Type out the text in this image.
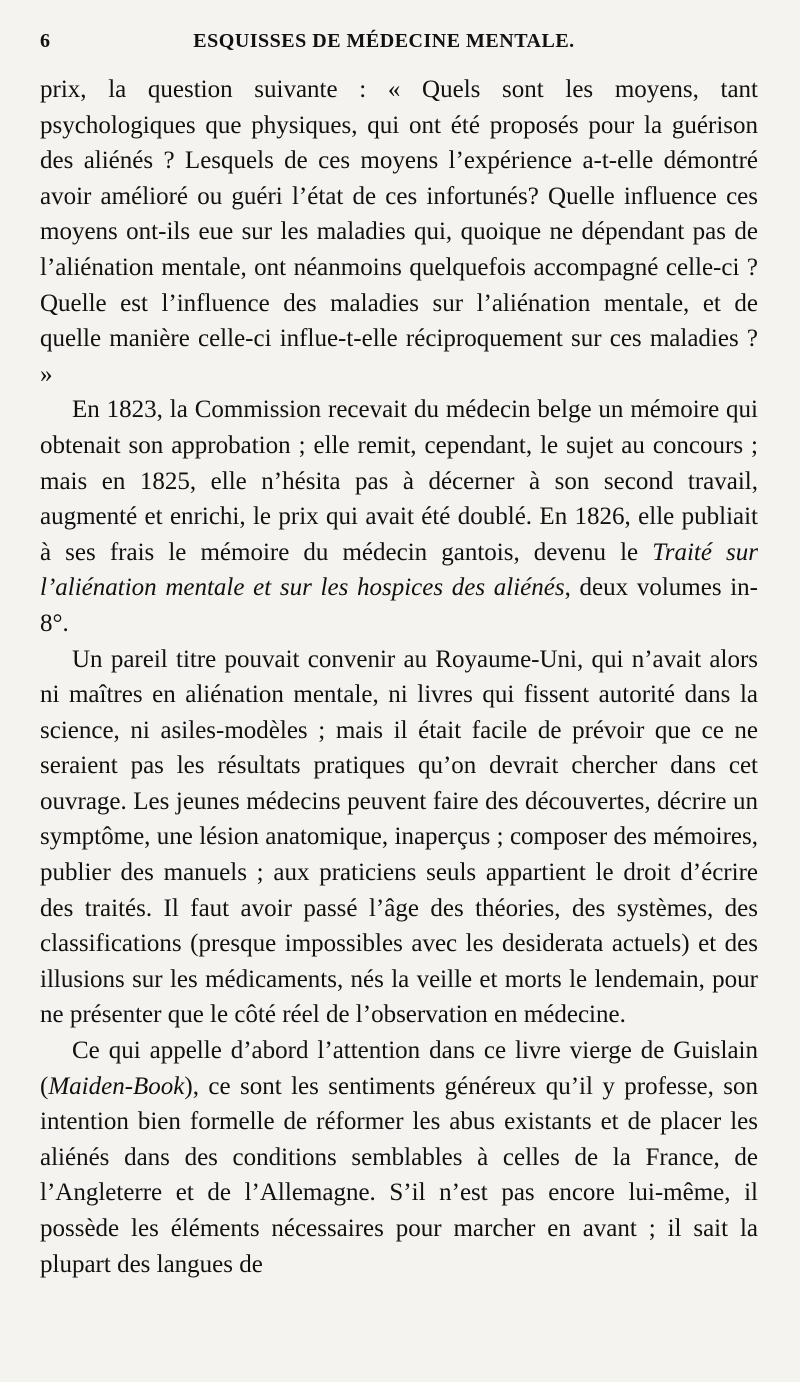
6	ESQUISSES DE MÉDECINE MENTALE.

prix, la question suivante : « Quels sont les moyens, tant psychologiques que physiques, qui ont été proposés pour la guérison des aliénés ? Lesquels de ces moyens l’expérience a-t-elle démontré avoir amélioré ou guéri l’état de ces infortunés? Quelle influence ces moyens ont-ils eue sur les maladies qui, quoique ne dépendant pas de l’aliénation mentale, ont néanmoins quelquefois accompagné celle-ci ? Quelle est l’influence des maladies sur l’aliénation mentale, et de quelle manière celle-ci influe-t-elle réciproquement sur ces maladies ? »

En 1823, la Commission recevait du médecin belge un mémoire qui obtenait son approbation ; elle remit, cependant, le sujet au concours ; mais en 1825, elle n’hésita pas à décerner à son second travail, augmenté et enrichi, le prix qui avait été doublé. En 1826, elle publiait à ses frais le mémoire du médecin gantois, devenu le Traité sur l’aliénation mentale et sur les hospices des aliénés, deux volumes in-8°.

Un pareil titre pouvait convenir au Royaume-Uni, qui n’avait alors ni maîtres en aliénation mentale, ni livres qui fissent autorité dans la science, ni asiles-modèles ; mais il était facile de prévoir que ce ne seraient pas les résultats pratiques qu’on devrait chercher dans cet ouvrage. Les jeunes médecins peuvent faire des découvertes, décrire un symptôme, une lésion anatomique, inaperçus ; composer des mémoires, publier des manuels ; aux praticiens seuls appartient le droit d’écrire des traités. Il faut avoir passé l’âge des théories, des systèmes, des classifications (presque impossibles avec les desiderata actuels) et des illusions sur les médicaments, nés la veille et morts le lendemain, pour ne présenter que le côté réel de l’observation en médecine.

Ce qui appelle d’abord l’attention dans ce livre vierge de Guislain (Maiden-Book), ce sont les sentiments généreux qu’il y professe, son intention bien formelle de réformer les abus existants et de placer les aliénés dans des conditions semblables à celles de la France, de l’Angleterre et de l’Allemagne. S’il n’est pas encore lui-même, il possède les éléments nécessaires pour marcher en avant ; il sait la plupart des langues de
